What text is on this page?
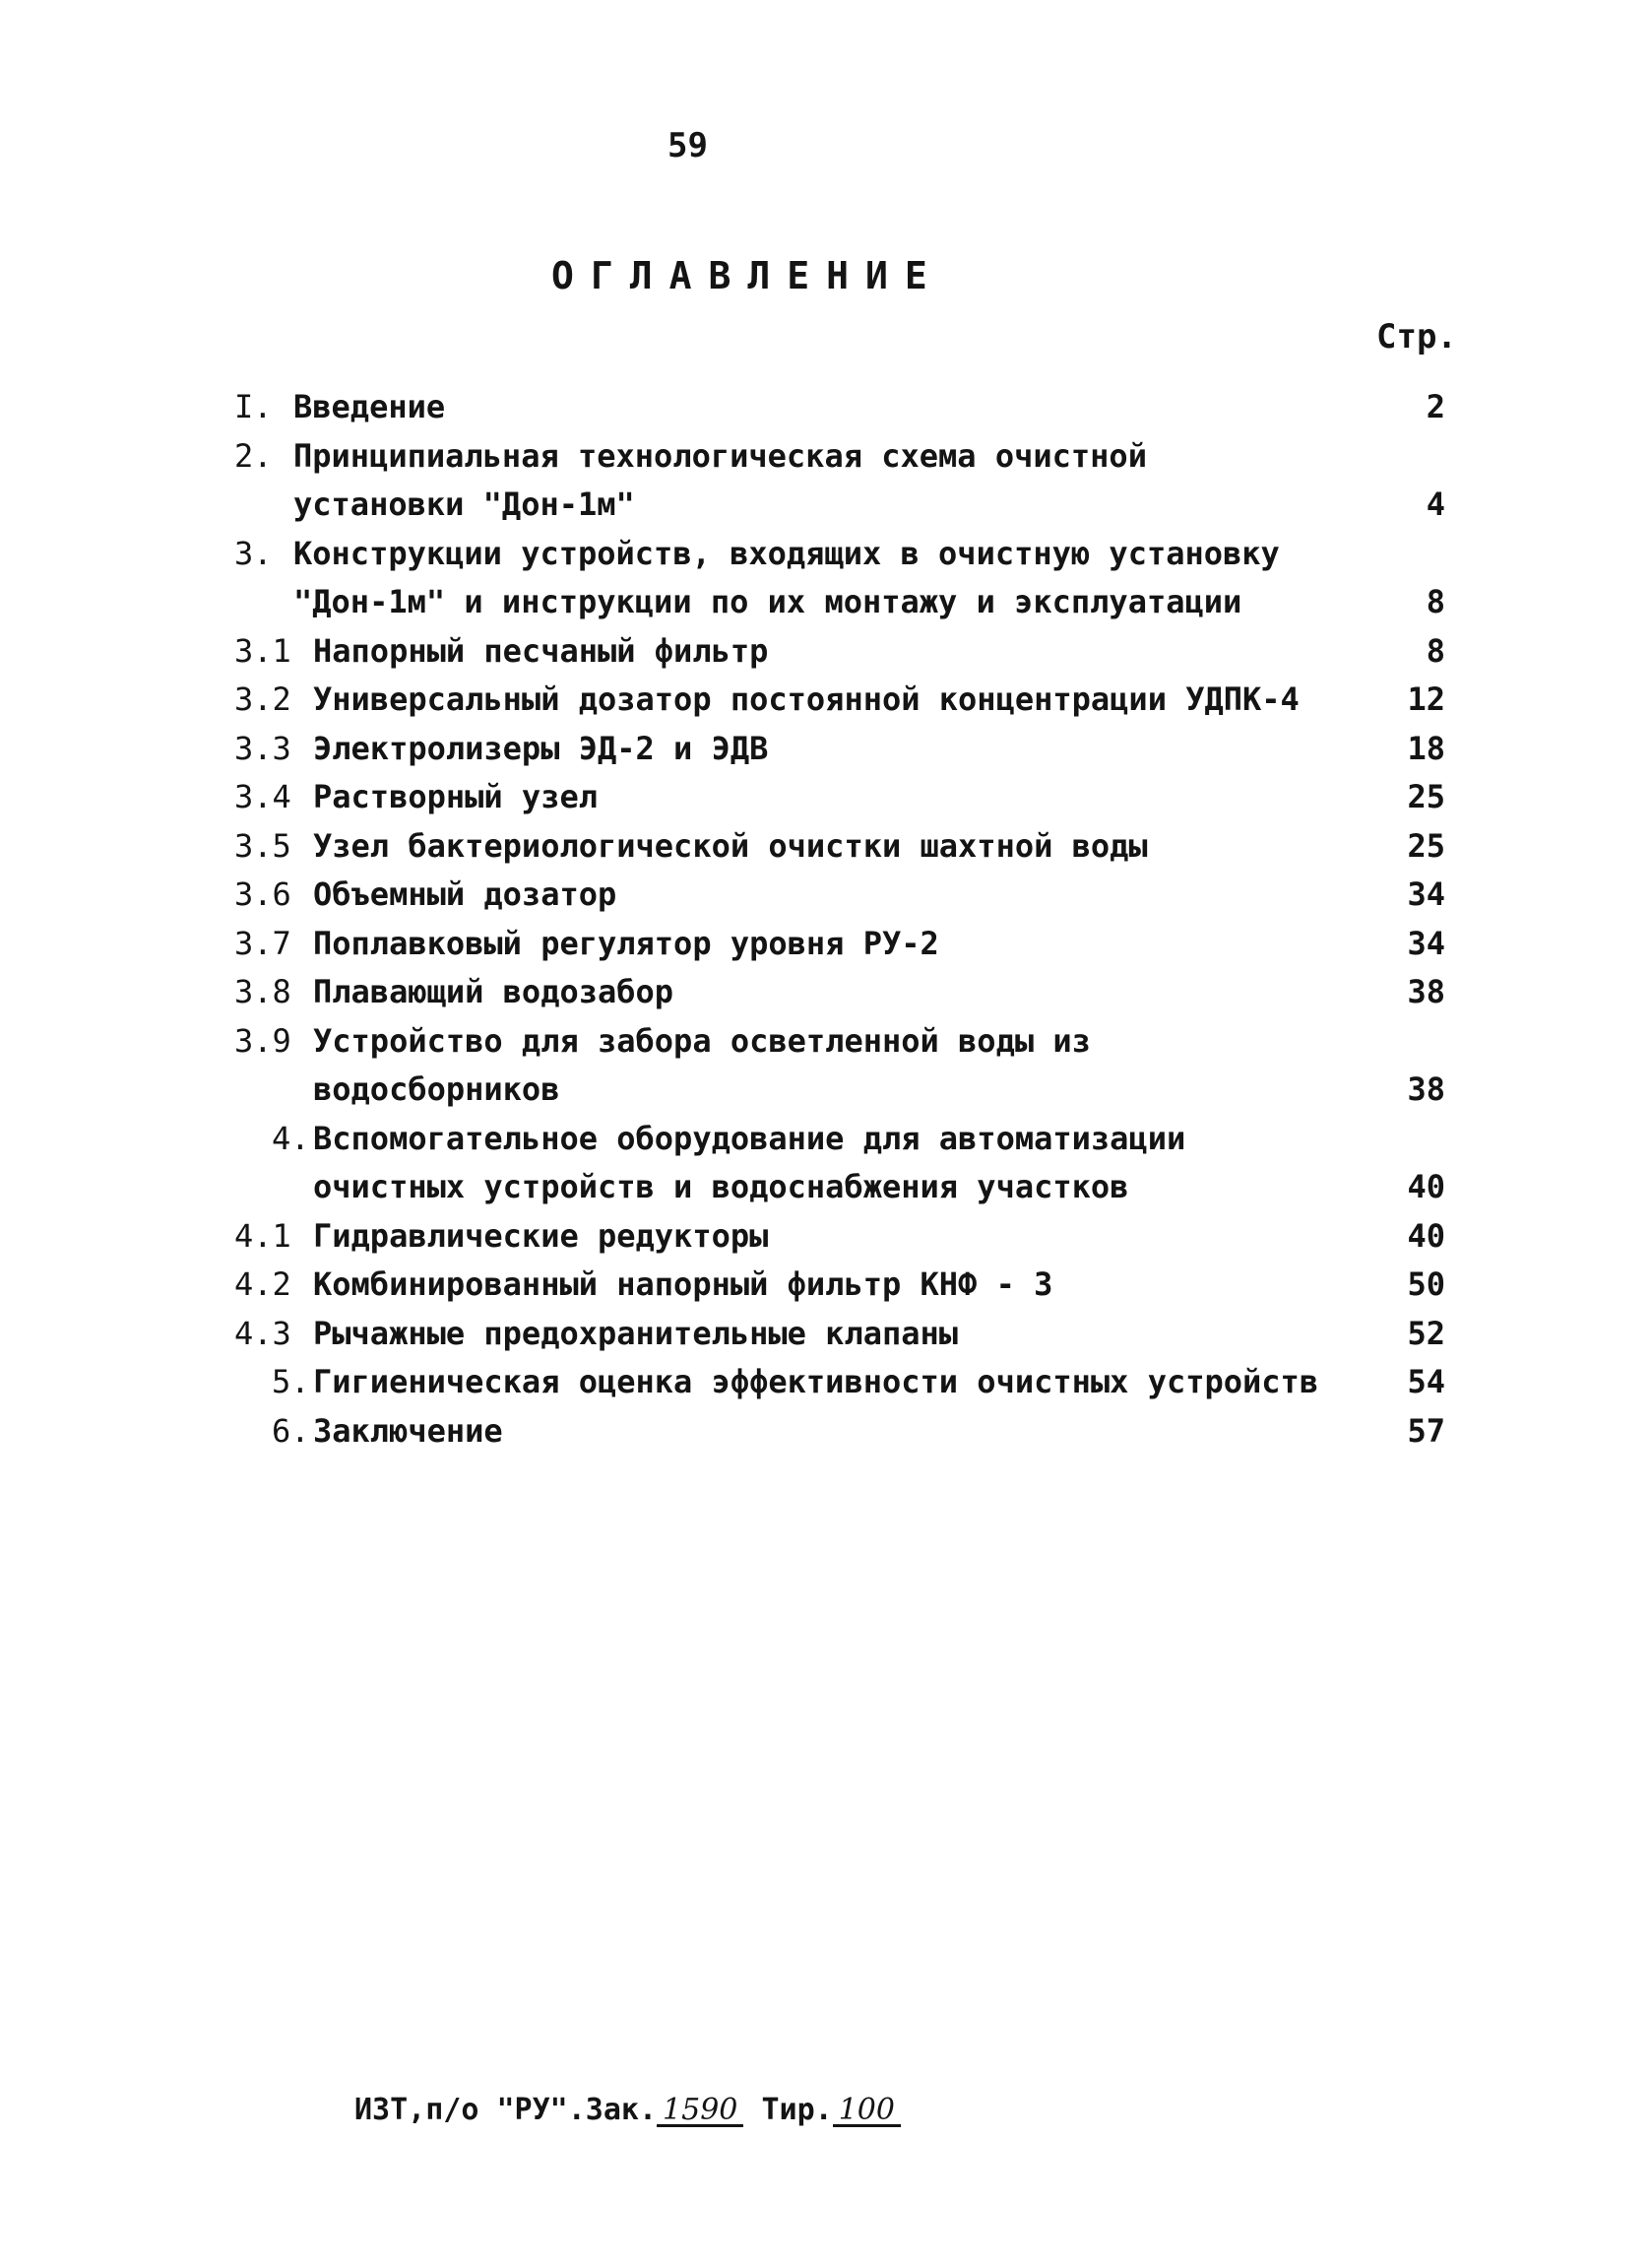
59
ОГЛАВЛЕНИЕ
Стр.
I. Введение	2
2. Принципиальная технологическая схема очистной
установки "Дон-1м"	4
3. Конструкции устройств, входящих в очистную установку
"Дон-1м" и инструкции по их монтажу и эксплуатации	8
3.1 Напорный песчаный фильтр	8
3.2 Универсальный дозатор постоянной концентрации УДПК-4	12
3.3 Электролизеры ЭД-2 и ЭДВ	18
3.4 Растворный узел	25
3.5 Узел бактериологической очистки шахтной воды	25
3.6 Объемный дозатор	34
3.7 Поплавковый регулятор уровня РУ-2	34
3.8 Плавающий водозабор	38
3.9 Устройство для забора осветленной воды из
водосборников	38
4. Вспомогательное оборудование для автоматизации
очистных устройств и водоснабжения участков	40
4.1 Гидравлические редукторы	40
4.2 Комбинированный напорный фильтр КНФ - 3	50
4.3 Рычажные предохранительные клапаны	52
5. Гигиеническая оценка эффективности очистных устройств	54
6. Заключение	57
ИЗТ,п/о "РУ".Зак. 1590 Тир. 100
